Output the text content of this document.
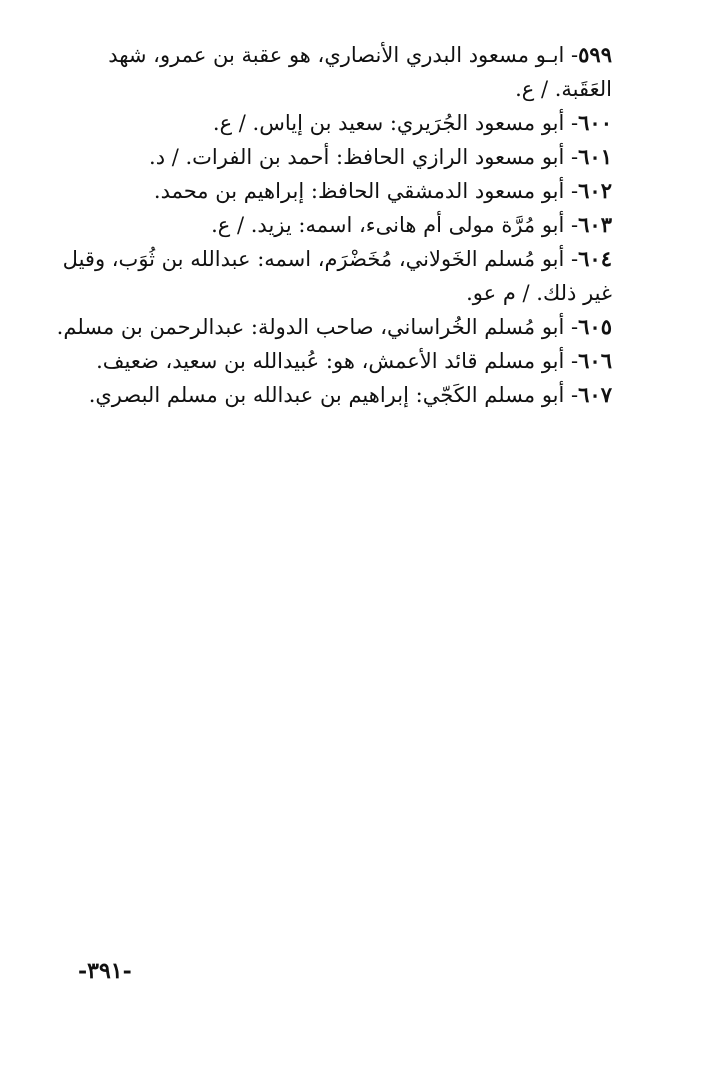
٥٩٩- ابـو مسعود البدري الأنصاري، هو عقبة بن عمرو، شهد العَقَبة. / ع.
٦٠٠- أبو مسعود الجُرَيري: سعيد بن إياس. / ع.
٦٠١- أبو مسعود الرازي الحافظ: أحمد بن الفرات. / د.
٦٠٢- أبو مسعود الدمشقي الحافظ: إبراهيم بن محمد.
٦٠٣- أبو مُرَّة مولى أم هانىء، اسمه: يزيد. / ع.
٦٠٤- أبو مُسلم الخَولاني، مُخَضْرَم، اسمه: عبدالله بن ثُوَب، وقيل غير ذلك. / م عو.
٦٠٥- أبو مُسلم الخُراساني، صاحب الدولة: عبدالرحمن بن مسلم.
٦٠٦- أبو مسلم قائد الأعمش، هو: عُبيدالله بن سعيد، ضعيف.
٦٠٧- أبو مسلم الكَجّي: إبراهيم بن عبدالله بن مسلم البصري.
-٣٩١-
